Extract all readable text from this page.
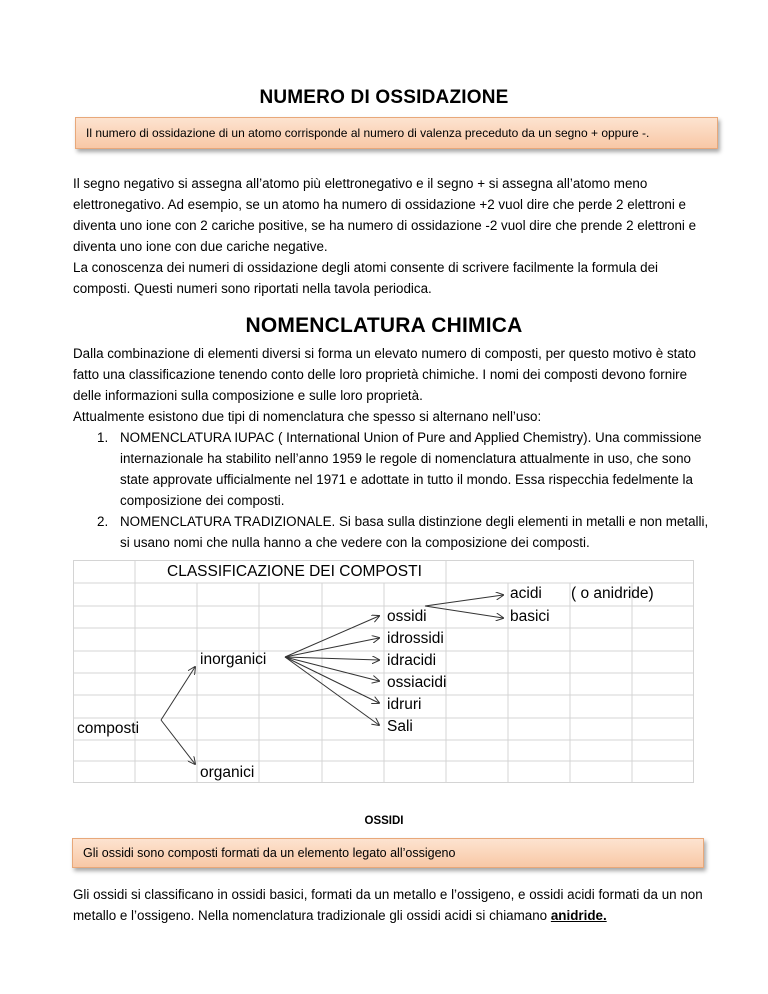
NUMERO DI OSSIDAZIONE
Il numero di ossidazione di un atomo corrisponde al numero di valenza preceduto da un segno + oppure -.

Il segno negativo si assegna all’atomo più elettronegativo e il segno + si assegna all’atomo meno elettronegativo. Ad esempio, se un atomo ha numero di ossidazione +2 vuol dire che perde 2 elettroni e diventa uno ione con 2 cariche positive, se ha numero di ossidazione -2 vuol dire che prende 2 elettroni e diventa uno ione con due cariche negative.

La conoscenza dei numeri di ossidazione degli atomi consente di scrivere facilmente la formula dei composti. Questi numeri sono riportati nella tavola periodica.

NOMENCLATURA CHIMICA

Dalla combinazione di elementi diversi si forma un elevato numero di composti, per questo motivo è stato fatto una classificazione tenendo conto delle loro proprietà chimiche. I nomi dei composti devono fornire delle informazioni sulla composizione e sulle loro proprietà.

Attualmente esistono due tipi di nomenclatura che spesso si alternano nell’uso:

1. NOMENCLATURA IUPAC ( International Union of Pure and Applied Chemistry). Una commissione internazionale ha stabilito nell’anno 1959 le regole di nomenclatura attualmente in uso, che sono state approvate ufficialmente nel 1971 e adottate in tutto il mondo. Essa rispecchia fedelmente la composizione dei composti.
2. NOMENCLATURA TRADIZIONALE. Si basa sulla distinzione degli elementi in metalli e non metalli, si usano nomi che nulla hanno a che vedere con la composizione dei composti.
CLASSIFICAZIONE DEI COMPOSTI
composti
inorganici
organici
ossidi
idrossidi
idracidi
ossiacidi
idruri
Sali
acidi
basici
( o anidride)
OSSIDI
Gli ossidi sono composti formati da un elemento legato all’ossigeno

Gli ossidi si classificano in ossidi basici, formati da un metallo e l’ossigeno, e ossidi acidi formati da un non metallo e l’ossigeno. Nella nomenclatura tradizionale gli ossidi acidi si chiamano anidride.
